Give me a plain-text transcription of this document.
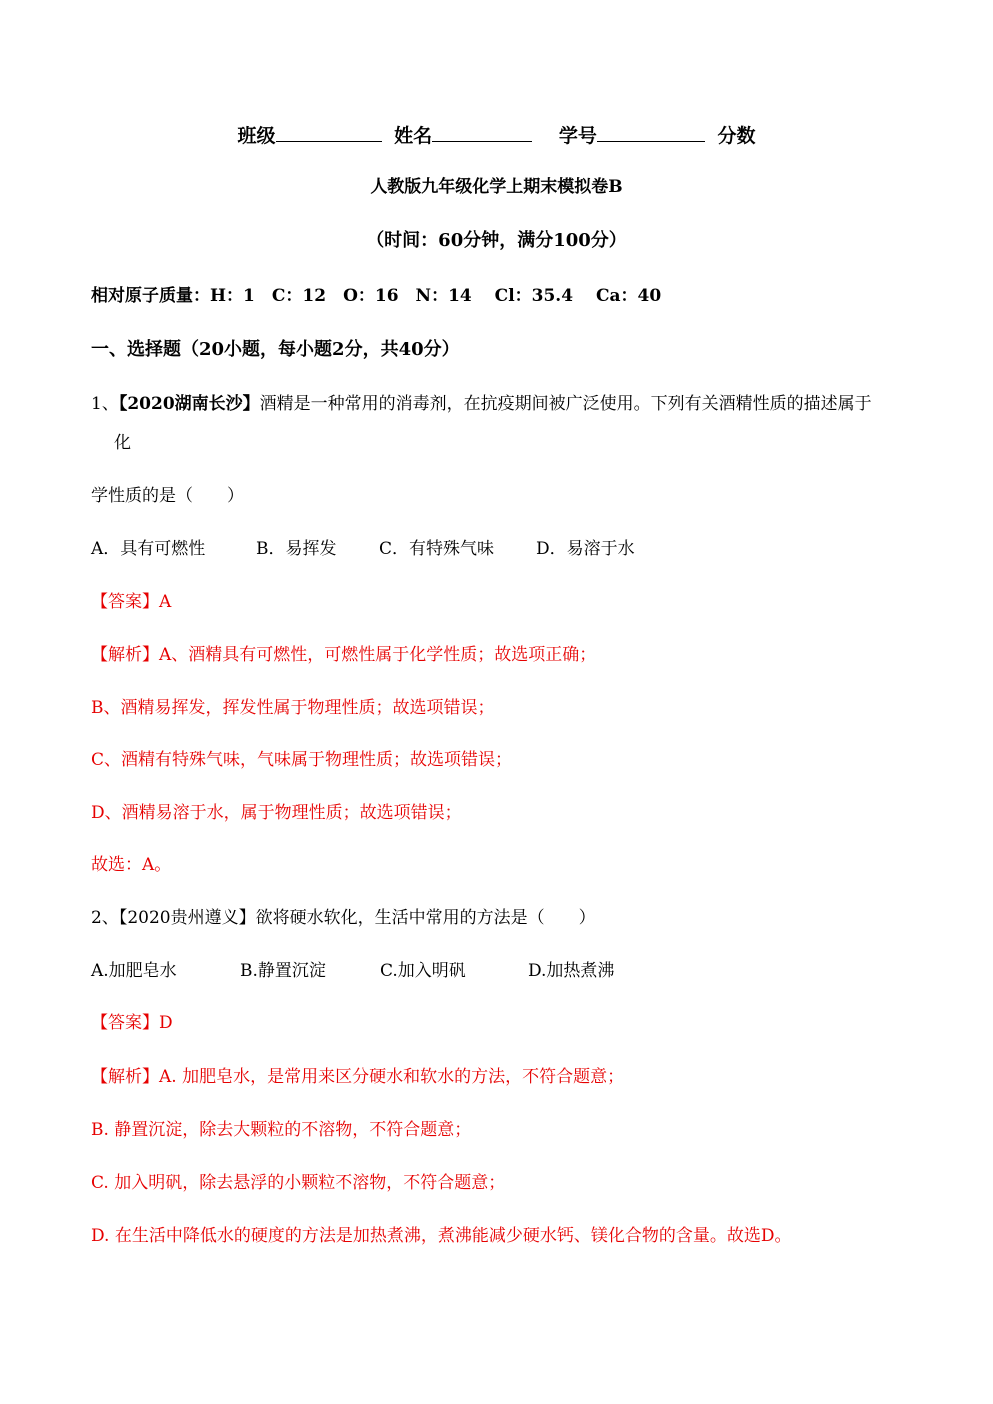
班级	姓名	学号	分数
人教版九年级化学上期末模拟卷B
（时间：60分钟，满分100分）
相对原子质量：H：1　C：12　O：16　N：14　 Cl：35.4　 Ca：40
一、选择题（20小题，每小题2分，共40分）
1、【2020湖南长沙】酒精是一种常用的消毒剂，在抗疫期间被广泛使用。下列有关酒精性质的描述属于
化
学性质的是（　　）
A．具有可燃性	B．易挥发	C．有特殊气味 D．易溶于水
【答案】A
【解析】A、酒精具有可燃性，可燃性属于化学性质；故选项正确；
B、酒精易挥发，挥发性属于物理性质；故选项错误；
C、酒精有特殊气味，气味属于物理性质；故选项错误；
D、酒精易溶于水，属于物理性质；故选项错误；
故选：A。
2、【2020贵州遵义】欲将硬水软化，生活中常用的方法是（　　）
A.加肥皂水	B.静置沉淀	C.加入明矾	D.加热煮沸
【答案】D
【解析】A. 加肥皂水，是常用来区分硬水和软水的方法，不符合题意；
B. 静置沉淀，除去大颗粒的不溶物，不符合题意；
C. 加入明矾，除去悬浮的小颗粒不溶物，不符合题意；
D. 在生活中降低水的硬度的方法是加热煮沸，煮沸能减少硬水钙、镁化合物的含量。故选D。
